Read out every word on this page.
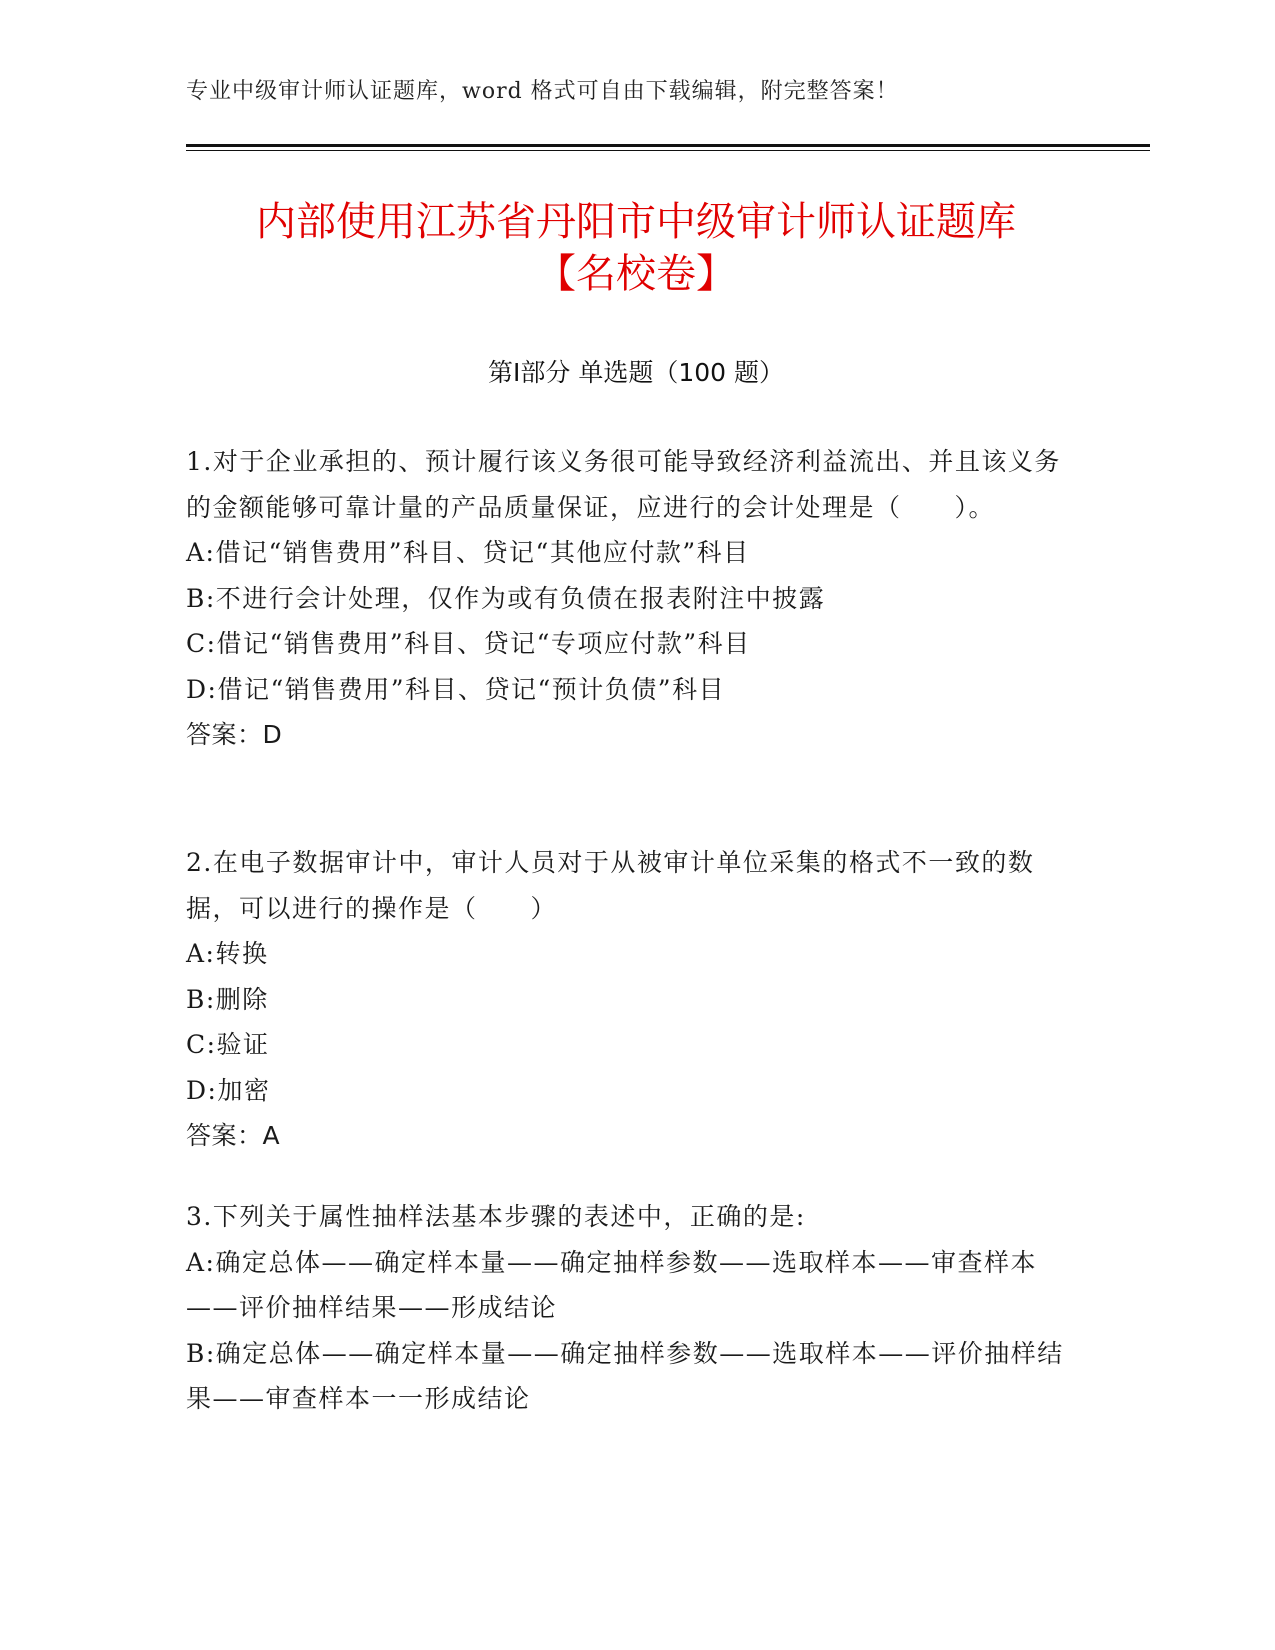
专业中级审计师认证题库，word 格式可自由下载编辑，附完整答案！
内部使用江苏省丹阳市中级审计师认证题库
【名校卷】
第Ⅰ部分 单选题（100 题）

1.对于企业承担的、预计履行该义务很可能导致经济利益流出、并且该义务的金额能够可靠计量的产品质量保证，应进行的会计处理是（　　）。

A:借记“销售费用”科目、贷记“其他应付款”科目

B:不进行会计处理，仅作为或有负债在报表附注中披露

C:借记“销售费用”科目、贷记“专项应付款”科目

D:借记“销售费用”科目、贷记“预计负债”科目

答案：D

2.在电子数据审计中，审计人员对于从被审计单位采集的格式不一致的数据，可以进行的操作是（　　）

A:转换

B:删除

C:验证

D:加密

答案：A

3.下列关于属性抽样法基本步骤的表述中，正确的是:

A:确定总体——确定样本量——确定抽样参数——选取样本——审查样本——评价抽样结果——形成结论

B:确定总体——确定样本量——确定抽样参数——选取样本——评价抽样结果——审查样本一一形成结论
